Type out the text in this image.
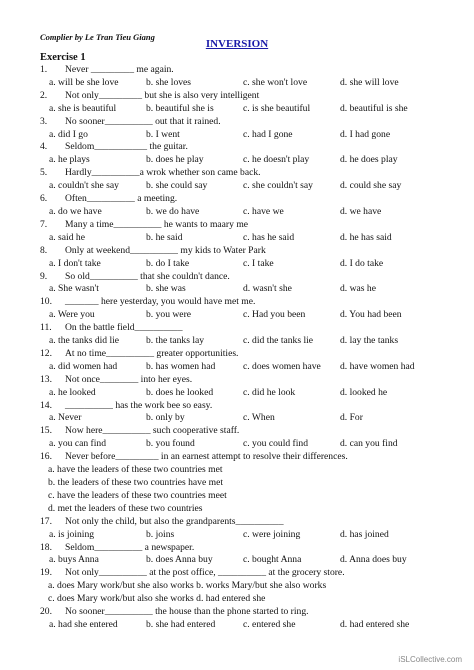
Complier by Le Tran Tieu Giang
INVERSION
Exercise 1
1.	Never _________ me again.
a. will be she love	b. she loves	c. she won't love	d. she will love
2.	Not only_________ but she is also very intelligent
a. she is beautiful	b. beautiful she is	c. is she beautiful	d. beautiful is she
3.	No sooner__________ out that it rained.
a. did I go	b. I went	c. had I gone	d. I had gone
4.	Seldom___________ the guitar.
a. he plays	b. does he play	c. he doesn't play	d. he does play
5.	Hardly__________a wrok whether son came back.
a. couldn't she say	b. she could say	c. she couldn't say	d. could she say
6.	Often__________ a meeting.
a. do we have	b. we do have	c. have we	d. we have
7.	Many a time__________ he wants to maary me
a. said he	b. he said	c. has he said	d. he has said
8.	Only at weekend__________ my kids to Water Park
a. I don't take	b. do I take	c. I take	d. I do take
9.	So old__________ that she couldn't dance.
a. She wasn't	b. she was	d. wasn't she	d. was he
10.	_______ here yesterday, you would have met me.
a. Were you	b. you were	c. Had you been	d. You had been
11.	On the battle field__________
a. the tanks did lie	b. the tanks lay	c. did the tanks lie	d. lay the tanks
12.	At no time__________ greater opportunities.
a. did women had	b. has women had	c. does women have	d. have women had
13.	Not once________ into her eyes.
a. he looked	b. does he looked	c. did he look	d. looked he
14.	__________ has the work bee so easy.
a. Never	b. only by	c. When	d. For
15.	Now here__________ such cooperative staff.
a. you can find	b. you found	c. you could find	d. can you find
16.	Never before_________ in an earnest attempt to resolve their differences.
a. have the leaders of these two countries met
b. the leaders of these two countries have met
c. have the leaders of these two countries meet
d. met the leaders of these two countries
17.	Not only the child, but also the grandparents__________
a. is joining	b. joins	c. were joining	d. has joined
18.	Seldom__________ a newspaper.
a. buys Anna	b. does Anna buy	c. bought Anna	d. Anna does buy
19.	Not only__________ at the post office, __________ at the grocery store.
a. does Mary work/but she also works b. works Mary/but she also works
c. does Mary work/but also she works d. had entered she
20.	No sooner__________ the house than the phone started to ring.
a. had she entered	b. she had entered	c. entered she	d. had entered she
iSLCollective.com
